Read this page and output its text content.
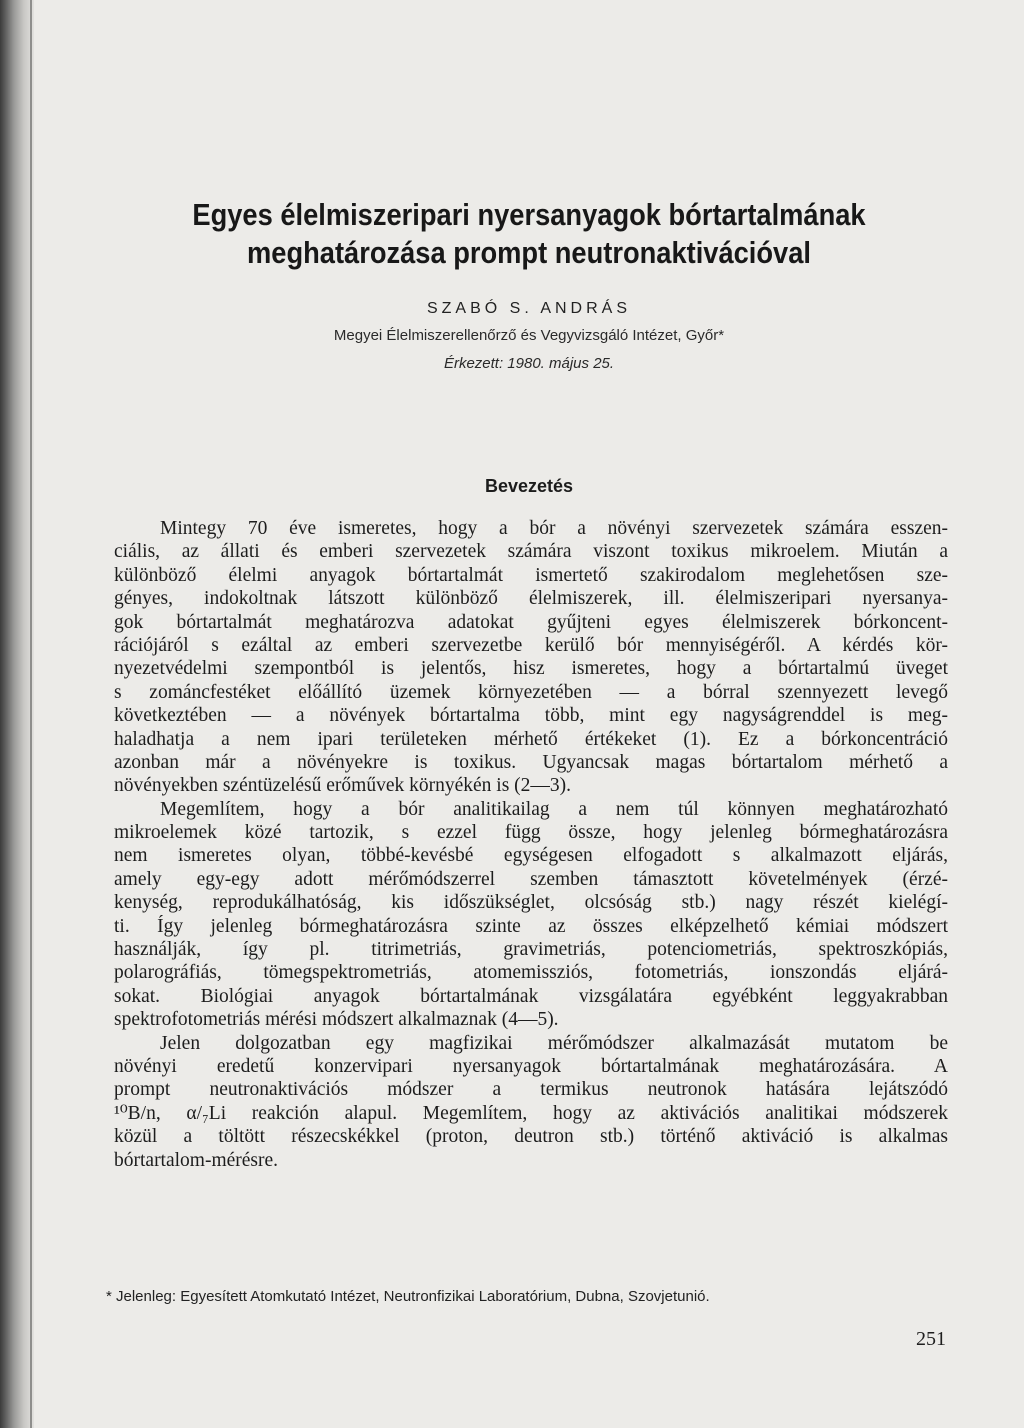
Egyes élelmiszeripari nyersanyagok bórtartalmának
meghatározása prompt neutronaktivációval
SZABÓ S. ANDRÁS
Megyei Élelmiszerellenőrző és Vegyvizsgáló Intézet, Győr*
Érkezett: 1980. május 25.
Bevezetés
Mintegy 70 éve ismeretes, hogy a bór a növényi szervezetek számára esszen-
ciális, az állati és emberi szervezetek számára viszont toxikus mikroelem. Miután a
különböző élelmi anyagok bórtartalmát ismertető szakirodalom meglehetősen sze-
gényes, indokoltnak látszott különböző élelmiszerek, ill. élelmiszeripari nyersanya-
gok bórtartalmát meghatározva adatokat gyűjteni egyes élelmiszerek bórkoncent-
rációjáról s ezáltal az emberi szervezetbe kerülő bór mennyiségéről. A kérdés kör-
nyezetvédelmi szempontból is jelentős, hisz ismeretes, hogy a bórtartalmú üveget
s zománcfestéket előállító üzemek környezetében — a bórral szennyezett levegő
következtében — a növények bórtartalma több, mint egy nagyságrenddel is meg-
haladhatja a nem ipari területeken mérhető értékeket (1). Ez a bórkoncentráció
azonban már a növényekre is toxikus. Ugyancsak magas bórtartalom mérhető a
növényekben széntüzelésű erőművek környékén is (2—3).
Megemlítem, hogy a bór analitikailag a nem túl könnyen meghatározható
mikroelemek közé tartozik, s ezzel függ össze, hogy jelenleg bórmeghatározásra
nem ismeretes olyan, többé-kevésbé egységesen elfogadott s alkalmazott eljárás,
amely egy-egy adott mérőmódszerrel szemben támasztott követelmények (érzé-
kenység, reprodukálhatóság, kis időszükséglet, olcsóság stb.) nagy részét kielégí-
ti. Így jelenleg bórmeghatározásra szinte az összes elképzelhető kémiai módszert
használják, így pl. titrimetriás, gravimetriás, potenciometriás, spektroszkópiás,
polarográfiás, tömegspektrometriás, atomemissziós, fotometriás, ionszondás eljárá-
sokat. Biológiai anyagok bórtartalmának vizsgálatára egyébként leggyakrabban
spektrofotometriás mérési módszert alkalmaznak (4—5).
Jelen dolgozatban egy magfizikai mérőmódszer alkalmazását mutatom be
növényi eredetű konzervipari nyersanyagok bórtartalmának meghatározására. A
prompt neutronaktivációs módszer a termikus neutronok hatására lejátszódó
¹⁰B/n, α/₇Li reakción alapul. Megemlítem, hogy az aktivációs analitikai módszerek
közül a töltött részecskékkel (proton, deutron stb.) történő aktiváció is alkalmas
bórtartalom-mérésre.
* Jelenleg: Egyesített Atomkutató Intézet, Neutronfizikai Laboratórium, Dubna, Szovjetunió.
251
